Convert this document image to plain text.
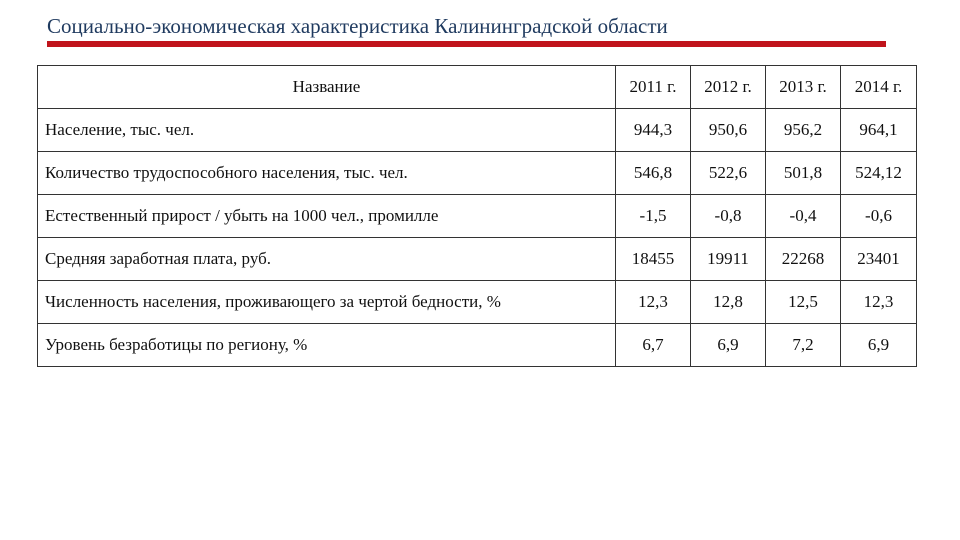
Социально-экономическая характеристика Калининградской области
Название	2011 г.	2012 г.	2013 г.	2014 г.
Население, тыс. чел.	944,3	950,6	956,2	964,1
Количество трудоспособного населения, тыс. чел.	546,8	522,6	501,8	524,12
Естественный прирост / убыть на 1000 чел., промилле	-1,5	-0,8	-0,4	-0,6
Средняя заработная плата, руб.	18455	19911	22268	23401
Численность населения, проживающего за чертой бедности, %	12,3	12,8	12,5	12,3
Уровень безработицы по региону, %	6,7	6,9	7,2	6,9
